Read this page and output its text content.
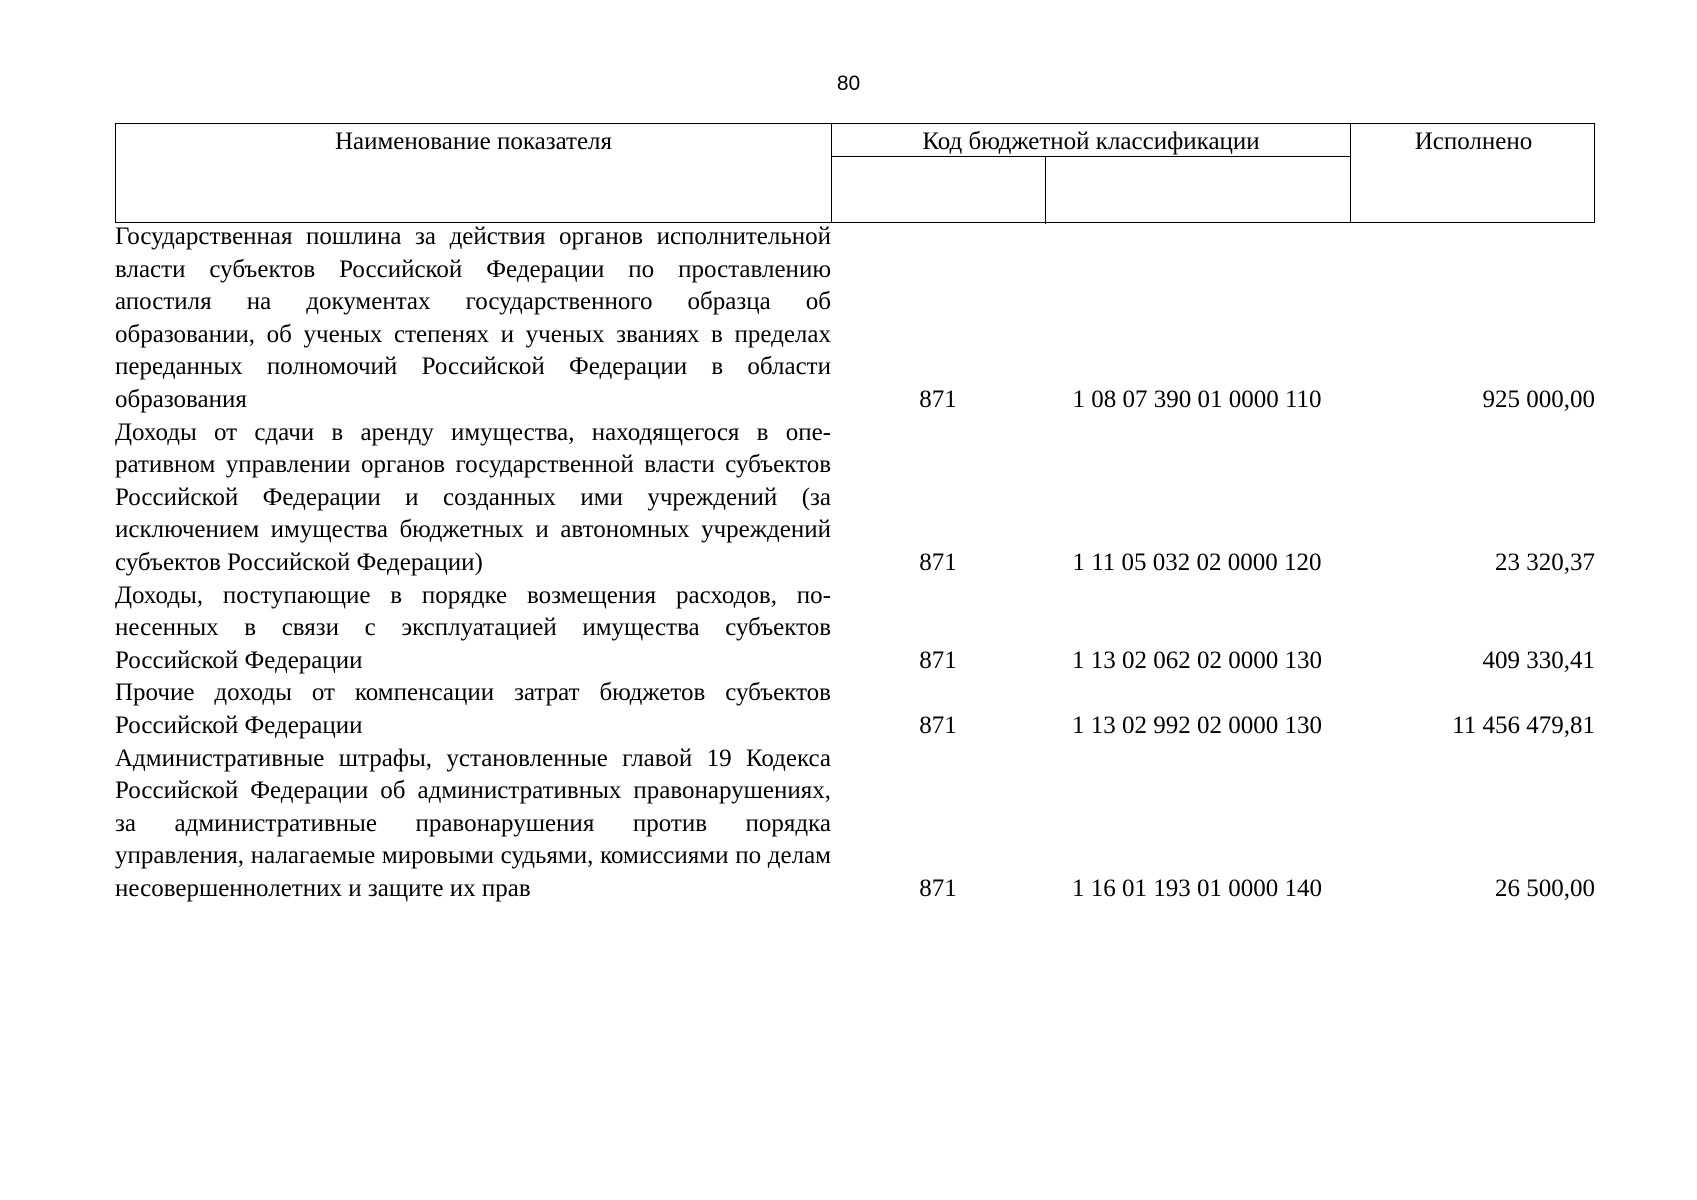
80
Наименование показателя	Код бюджетной классификации	Исполнено
Государственная пошлина за действия органов исполнительной власти субъектов Российской Федерации по проставлению апостиля на документах государственного образца об образовании, об ученых степенях и ученых званиях в пределах переданных полномочий Российской Федерации в области образования	871	1 08 07 390 01 0000 110	925 000,00
Доходы от сдачи в аренду имущества, находящегося в оперативном управлении органов государственной власти субъектов Российской Федерации и созданных ими учреждений (за исключением имущества бюджетных и автономных учреждений субъектов Российской Федерации)	871	1 11 05 032 02 0000 120	23 320,37
Доходы, поступающие в порядке возмещения расходов, понесенных в связи с эксплуатацией имущества субъектов Российской Федерации	871	1 13 02 062 02 0000 130	409 330,41
Прочие доходы от компенсации затрат бюджетов субъектов Российской Федерации	871	1 13 02 992 02 0000 130	11 456 479,81
Административные штрафы, установленные главой 19 Кодекса Российской Федерации об административных правонарушениях, за административные правонарушения против порядка управления, налагаемые мировыми судьями, комиссиями по делам несовершеннолетних и защите их прав	871	1 16 01 193 01 0000 140	26 500,00
